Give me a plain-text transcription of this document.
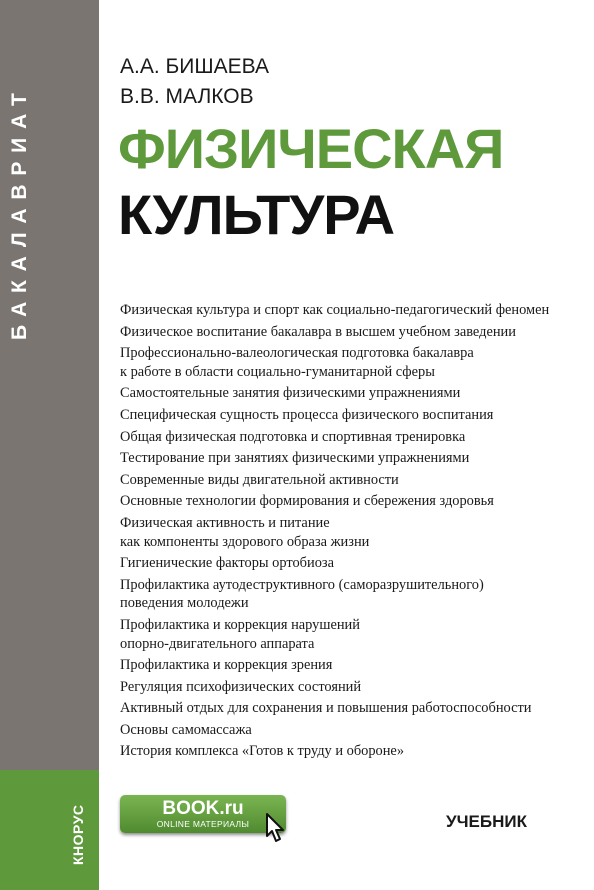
БАКАЛАВРИАТ
КНОРУС
А.А. БИШАЕВА
В.В. МАЛКОВ
ФИЗИЧЕСКАЯ
КУЛЬТУРА
Физическая культура и спорт как социально-педагогический феномен
Физическое воспитание бакалавра в высшем учебном заведении
Профессионально-валеологическая подготовка бакалавра
к работе в области социально-гуманитарной сферы
Самостоятельные занятия физическими упражнениями
Специфическая сущность процесса физического воспитания
Общая физическая подготовка и спортивная тренировка
Тестирование при занятиях физическими упражнениями
Современные виды двигательной активности
Основные технологии формирования и сбережения здоровья
Физическая активность и питание
как компоненты здорового образа жизни
Гигиенические факторы ортобиоза
Профилактика аутодеструктивного (саморазрушительного)
поведения молодежи
Профилактика и коррекция нарушений
опорно-двигательного аппарата
Профилактика и коррекция зрения
Регуляция психофизических состояний
Активный отдых для сохранения и повышения работоспособности
Основы самомассажа
История комплекса «Готов к труду и обороне»
BOOK.ru
ONLINE МАТЕРИАЛЫ	УЧЕБНИК
